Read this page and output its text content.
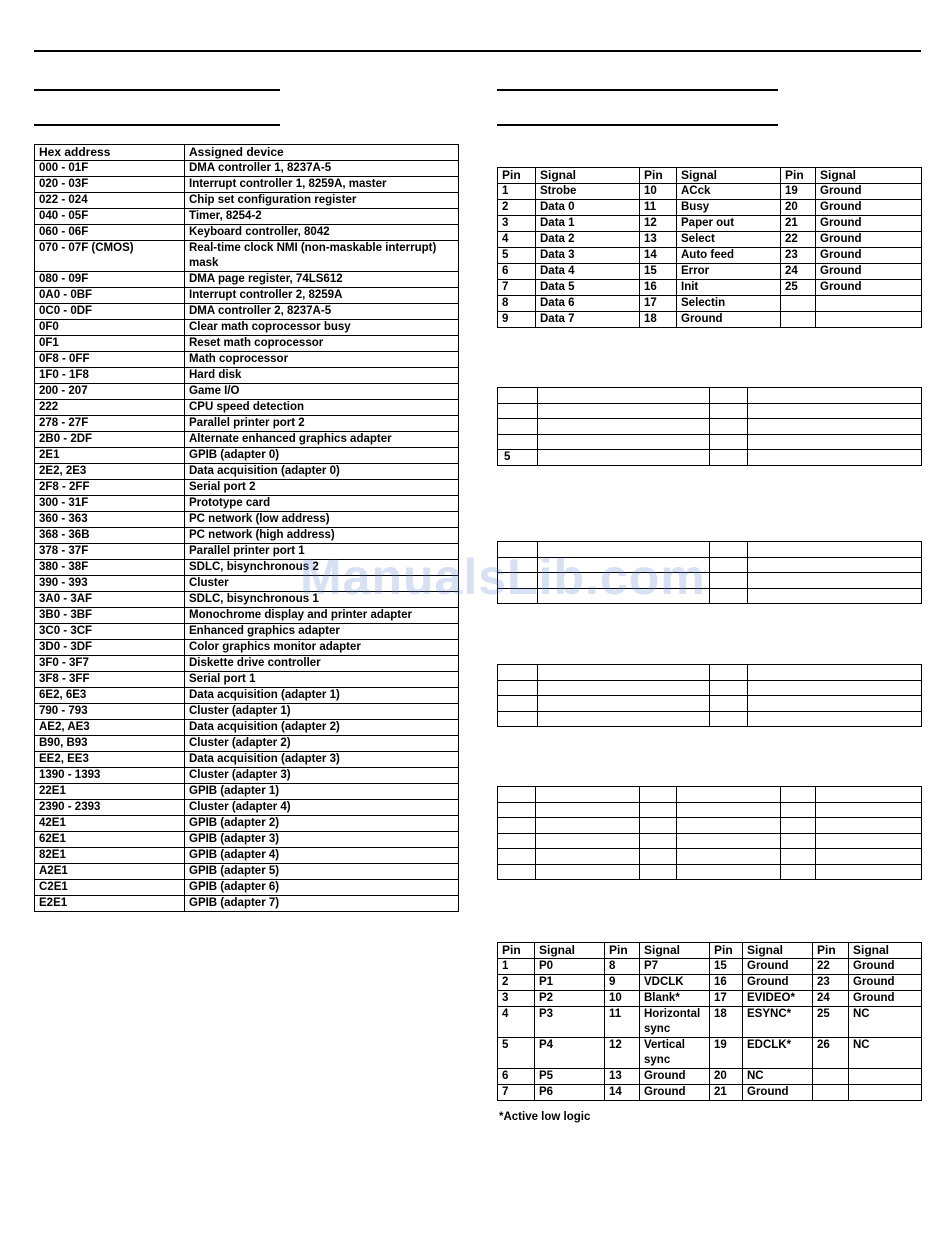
Hex address	Assigned device
000 - 01F	DMA controller 1, 8237A-5
020 - 03F	Interrupt controller 1, 8259A, master
022 - 024	Chip set configuration register
040 - 05F	Timer, 8254-2
060 - 06F	Keyboard controller, 8042
070 - 07F (CMOS)	Real-time clock NMI (non-maskable interrupt) mask
080 - 09F	DMA page register, 74LS612
0A0 - 0BF	Interrupt controller 2, 8259A
0C0 - 0DF	DMA controller 2, 8237A-5
0F0	Clear math coprocessor busy
0F1	Reset math coprocessor
0F8 - 0FF	Math coprocessor
1F0 - 1F8	Hard disk
200 - 207	Game I/O
222	CPU speed detection
278 - 27F	Parallel printer port 2
2B0 - 2DF	Alternate enhanced graphics adapter
2E1	GPIB (adapter 0)
2E2, 2E3	Data acquisition (adapter 0)
2F8 - 2FF	Serial port 2
300 - 31F	Prototype card
360 - 363	PC network (low address)
368 - 36B	PC network (high address)
378 - 37F	Parallel printer port 1
380 - 38F	SDLC, bisynchronous 2
390 - 393	Cluster
3A0 - 3AF	SDLC, bisynchronous 1
3B0 - 3BF	Monochrome display and printer adapter
3C0 - 3CF	Enhanced graphics adapter
3D0 - 3DF	Color graphics monitor adapter
3F0 - 3F7	Diskette drive controller
3F8 - 3FF	Serial port 1
6E2, 6E3	Data acquisition (adapter 1)
790 - 793	Cluster (adapter 1)
AE2, AE3	Data acquisition (adapter 2)
B90, B93	Cluster (adapter 2)
EE2, EE3	Data acquisition (adapter 3)
1390 - 1393	Cluster (adapter 3)
22E1	GPIB (adapter 1)
2390 - 2393	Cluster (adapter 4)
42E1	GPIB (adapter 2)
62E1	GPIB (adapter 3)
82E1	GPIB (adapter 4)
A2E1	GPIB (adapter 5)
C2E1	GPIB (adapter 6)
E2E1	GPIB (adapter 7)
Pin	Signal	Pin	Signal	Pin	Signal
1	Strobe	10	ACck	19	Ground
2	Data 0	11	Busy	20	Ground
3	Data 1	12	Paper out	21	Ground
4	Data 2	13	Select	22	Ground
5	Data 3	14	Auto feed	23	Ground
6	Data 4	15	Error	24	Ground
7	Data 5	16	Init	25	Ground
8	Data 6	17	Selectin		
9	Data 7	18	Ground		

5			

Pin	Signal	Pin	Signal	Pin	Signal	Pin	Signal
1	P0	8	P7	15	Ground	22	Ground
2	P1	9	VDCLK	16	Ground	23	Ground
3	P2	10	Blank*	17	EVIDEO*	24	Ground
4	P3	11	Horizontal sync	18	ESYNC*	25	NC
5	P4	12	Vertical sync	19	EDCLK*	26	NC
6	P5	13	Ground	20	NC		
7	P6	14	Ground	21	Ground		
*Active low logic
ManualsLib.com
